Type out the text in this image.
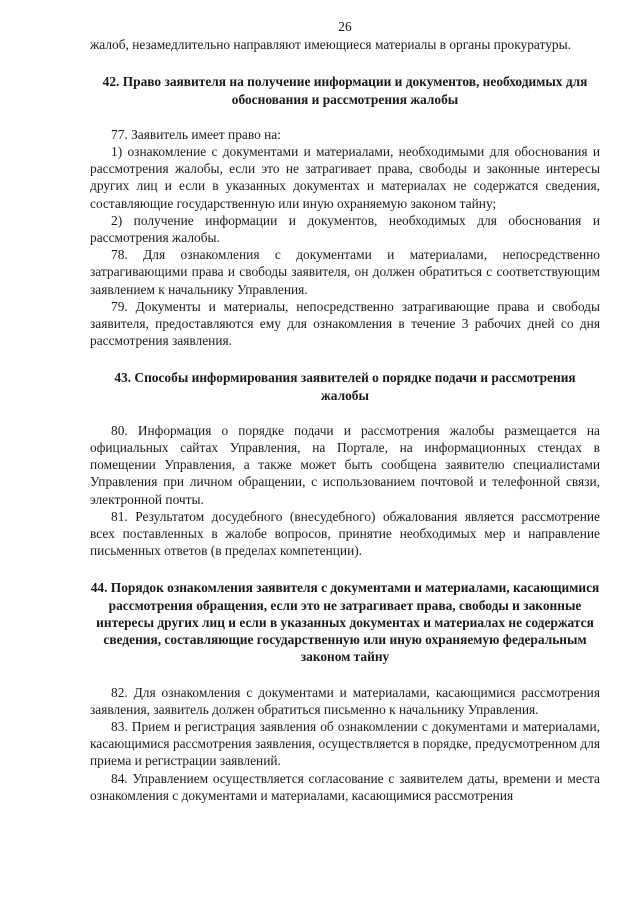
26

жалоб, незамедлительно направляют имеющиеся материалы в органы прокуратуры.

42. Право заявителя на получение информации и документов, необходимых для обоснования и рассмотрения жалобы

77. Заявитель имеет право на:

1) ознакомление с документами и материалами, необходимыми для обоснования и рассмотрения жалобы, если это не затрагивает права, свободы и законные интересы других лиц и если в указанных документах и материалах не содержатся сведения, составляющие государственную или иную охраняемую законом тайну;

2) получение информации и документов, необходимых для обоснования и рассмотрения жалобы.

78. Для ознакомления с документами и материалами, непосредственно затрагивающими права и свободы заявителя, он должен обратиться с соответствующим заявлением к начальнику Управления.

79. Документы и материалы, непосредственно затрагивающие права и свободы заявителя, предоставляются ему для ознакомления в течение 3 рабочих дней со дня рассмотрения заявления.

43. Способы информирования заявителей о порядке подачи и рассмотрения жалобы

80. Информация о порядке подачи и рассмотрения жалобы размещается на официальных сайтах Управления, на Портале, на информационных стендах в помещении Управления, а также может быть сообщена заявителю специалистами Управления при личном обращении, с использованием почтовой и телефонной связи, электронной почты.

81. Результатом досудебного (внесудебного) обжалования является рассмотрение всех поставленных в жалобе вопросов, принятие необходимых мер и направление письменных ответов (в пределах компетенции).

44. Порядок ознакомления заявителя с документами и материалами, касающимися рассмотрения обращения, если это не затрагивает права, свободы и законные интересы других лиц и если в указанных документах и материалах не содержатся сведения, составляющие государственную или иную охраняемую федеральным законом тайну

82. Для ознакомления с документами и материалами, касающимися рассмотрения заявления, заявитель должен обратиться письменно к начальнику Управления.

83. Прием и регистрация заявления об ознакомлении с документами и материалами, касающимися рассмотрения заявления, осуществляется в порядке, предусмотренном для приема и регистрации заявлений.

84. Управлением осуществляется согласование с заявителем даты, времени и места ознакомления с документами и материалами, касающимися рассмотрения
